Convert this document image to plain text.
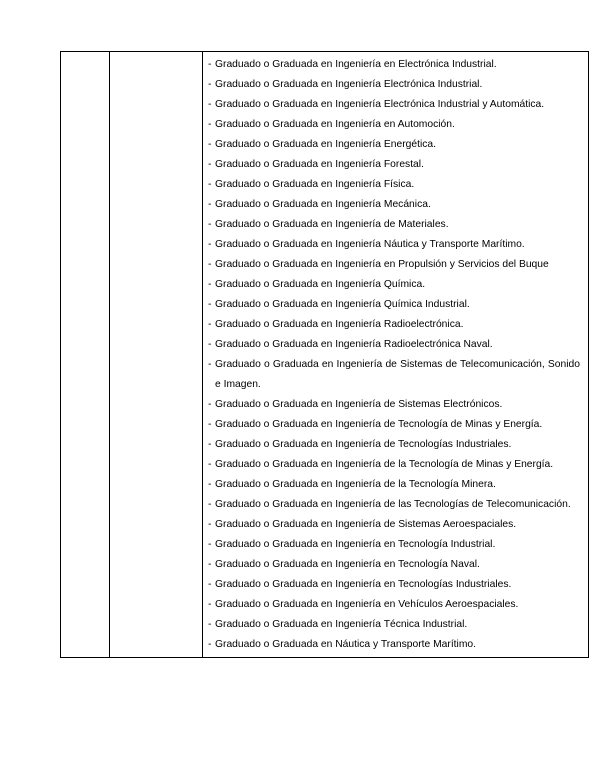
- Graduado o Graduada en Ingeniería en Electrónica Industrial.
- Graduado o Graduada en Ingeniería Electrónica Industrial.
- Graduado o Graduada en Ingeniería Electrónica Industrial y Automática.
- Graduado o Graduada en Ingeniería en Automoción.
- Graduado o Graduada en Ingeniería Energética.
- Graduado o Graduada en Ingeniería Forestal.
- Graduado o Graduada en Ingeniería Física.
- Graduado o Graduada en Ingeniería Mecánica.
- Graduado o Graduada en Ingeniería de Materiales.
- Graduado o Graduada en Ingeniería Náutica y Transporte Marítimo.
- Graduado o Graduada en Ingeniería en Propulsión y Servicios del Buque
- Graduado o Graduada en Ingeniería Química.
- Graduado o Graduada en Ingeniería Química Industrial.
- Graduado o Graduada en Ingeniería Radioelectrónica.
- Graduado o Graduada en Ingeniería Radioelectrónica Naval.
- Graduado o Graduada en Ingeniería de Sistemas de Telecomunicación, Sonido e Imagen.
- Graduado o Graduada en Ingeniería de Sistemas Electrónicos.
- Graduado o Graduada en Ingeniería de Tecnología de Minas y Energía.
- Graduado o Graduada en Ingeniería de Tecnologías Industriales.
- Graduado o Graduada en Ingeniería de la Tecnología de Minas y Energía.
- Graduado o Graduada en Ingeniería de la Tecnología Minera.
- Graduado o Graduada en Ingeniería de las Tecnologías de Telecomunicación.
- Graduado o Graduada en Ingeniería de Sistemas Aeroespaciales.
- Graduado o Graduada en Ingeniería en Tecnología Industrial.
- Graduado o Graduada en Ingeniería en Tecnología Naval.
- Graduado o Graduada en Ingeniería en Tecnologías Industriales.
- Graduado o Graduada en Ingeniería en Vehículos Aeroespaciales.
- Graduado o Graduada en Ingeniería Técnica Industrial.
- Graduado o Graduada en Náutica y Transporte Marítimo.
